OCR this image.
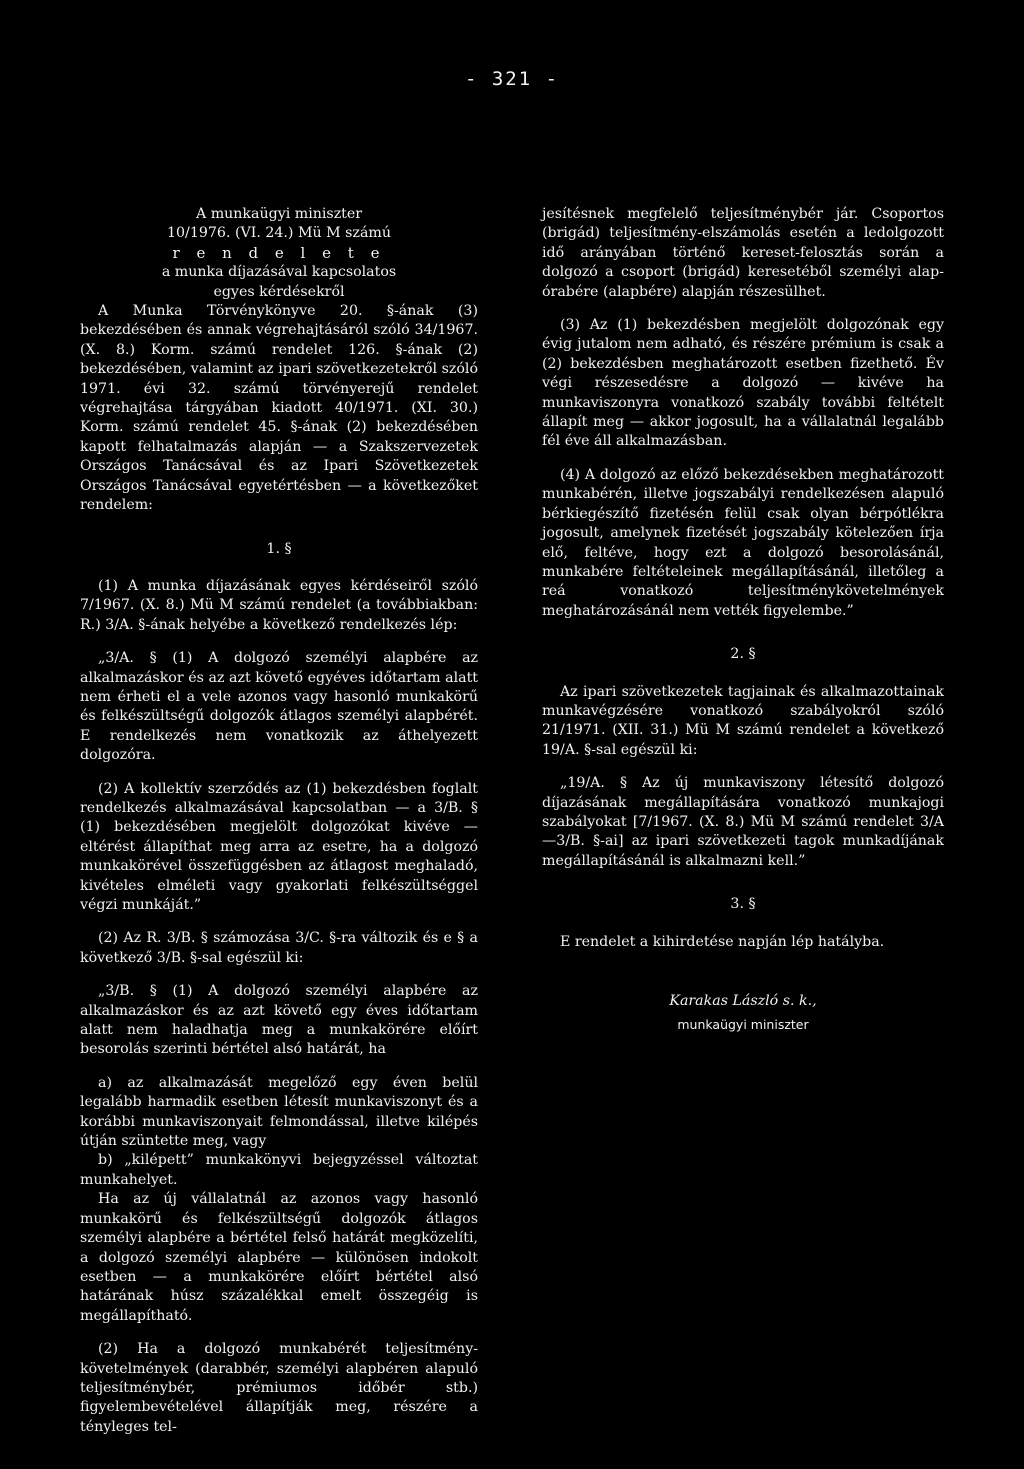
- 321 -

A munkaügyi miniszter

10/1976. (VI. 24.) Mü M számú

r e n d e l e t e

a munka díjazásával kapcsolatos

egyes kérdésekről

A Munka Törvénykönyve 20. §-ának (3) bekezdésében és annak végrehajtásáról szóló 34/1967. (X. 8.) Korm. számú rendelet 126. §-ának (2) bekezdésében, valamint az ipari szövetkezetekről szóló 1971. évi 32. számú törvényerejű rendelet végrehajtása tárgyában kiadott 40/1971. (XI. 30.) Korm. számú rendelet 45. §-ának (2) bekezdésében kapott felhatalmazás alapján — a Szakszervezetek Országos Tanácsával és az Ipari Szövetkezetek Országos Tanácsával egyetértésben — a következőket rendelem:

1. §

(1) A munka díjazásának egyes kérdéseiről szóló 7/1967. (X. 8.) Mü M számú rendelet (a továbbiakban: R.) 3/A. §-ának helyébe a következő rendelkezés lép:

„3/A. § (1) A dolgozó személyi alapbére az alkalmazáskor és az azt követő egyéves időtartam alatt nem érheti el a vele azonos vagy hasonló munkakörű és felkészültségű dolgozók átlagos személyi alapbérét. E rendelkezés nem vonatkozik az áthelyezett dolgozóra.

(2) A kollektív szerződés az (1) bekezdésben foglalt rendelkezés alkalmazásával kapcsolatban — a 3/B. § (1) bekezdésében megjelölt dolgozókat kivéve — eltérést állapíthat meg arra az esetre, ha a dolgozó munkakörével összefüggésben az átlagost meghaladó, kivételes elméleti vagy gyakorlati felkészültséggel végzi munkáját.”

(2) Az R. 3/B. § számozása 3/C. §-ra változik és e § a következő 3/B. §-sal egészül ki:

„3/B. § (1) A dolgozó személyi alapbére az alkalmazáskor és az azt követő egy éves időtartam alatt nem haladhatja meg a munkakörére előírt besorolás szerinti bértétel alsó határát, ha

a) az alkalmazását megelőző egy éven belül legalább harmadik esetben létesít munkaviszonyt és a korábbi munkaviszonyait felmondással, illetve kilépés útján szüntette meg, vagy

b) „kilépett” munkakönyvi bejegyzéssel változtat munkahelyet.

Ha az új vállalatnál az azonos vagy hasonló munkakörű és felkészültségű dolgozók átlagos személyi alapbére a bértétel felső határát megközelíti, a dolgozó személyi alapbére — különösen indokolt esetben — a munkakörére előírt bértétel alsó határának húsz százalékkal emelt összegéig is megállapítható.

(2) Ha a dolgozó munkabérét teljesítmény-követelmények (darabbér, személyi alapbéren alapuló teljesítménybér, prémiumos időbér stb.) figyelembevételével állapítják meg, részére a tényleges tel-

jesítésnek megfelelő teljesítménybér jár. Csoportos (brigád) teljesítmény-elszámolás esetén a ledolgozott idő arányában történő kereset-felosztás során a dolgozó a csoport (brigád) keresetéből személyi alap-órabére (alapbére) alapján részesülhet.

(3) Az (1) bekezdésben megjelölt dolgozónak egy évig jutalom nem adható, és részére prémium is csak a (2) bekezdésben meghatározott esetben fizethető. Év végi részesedésre a dolgozó — kivéve ha munkaviszonyra vonatkozó szabály további feltételt állapít meg — akkor jogosult, ha a vállalatnál legalább fél éve áll alkalmazásban.

(4) A dolgozó az előző bekezdésekben meghatározott munkabérén, illetve jogszabályi rendelkezésen alapuló bérkiegészítő fizetésén felül csak olyan bérpótlékra jogosult, amelynek fizetését jogszabály kötelezően írja elő, feltéve, hogy ezt a dolgozó besorolásánál, munkabére feltételeinek megállapításánál, illetőleg a reá vonatkozó teljesítménykövetelmények meghatározásánál nem vették figyelembe.”

2. §

Az ipari szövetkezetek tagjainak és alkalmazottainak munkavégzésére vonatkozó szabályokról szóló 21/1971. (XII. 31.) Mü M számú rendelet a következő 19/A. §-sal egészül ki:

„19/A. § Az új munkaviszony létesítő dolgozó díjazásának megállapítására vonatkozó munkajogi szabályokat [7/1967. (X. 8.) Mü M számú rendelet 3/A—3/B. §-ai] az ipari szövetkezeti tagok munkadíjának megállapításánál is alkalmazni kell.”

3. §

E rendelet a kihirdetése napján lép hatályba.

Karakas László s. k.,
munkaügyi miniszter
